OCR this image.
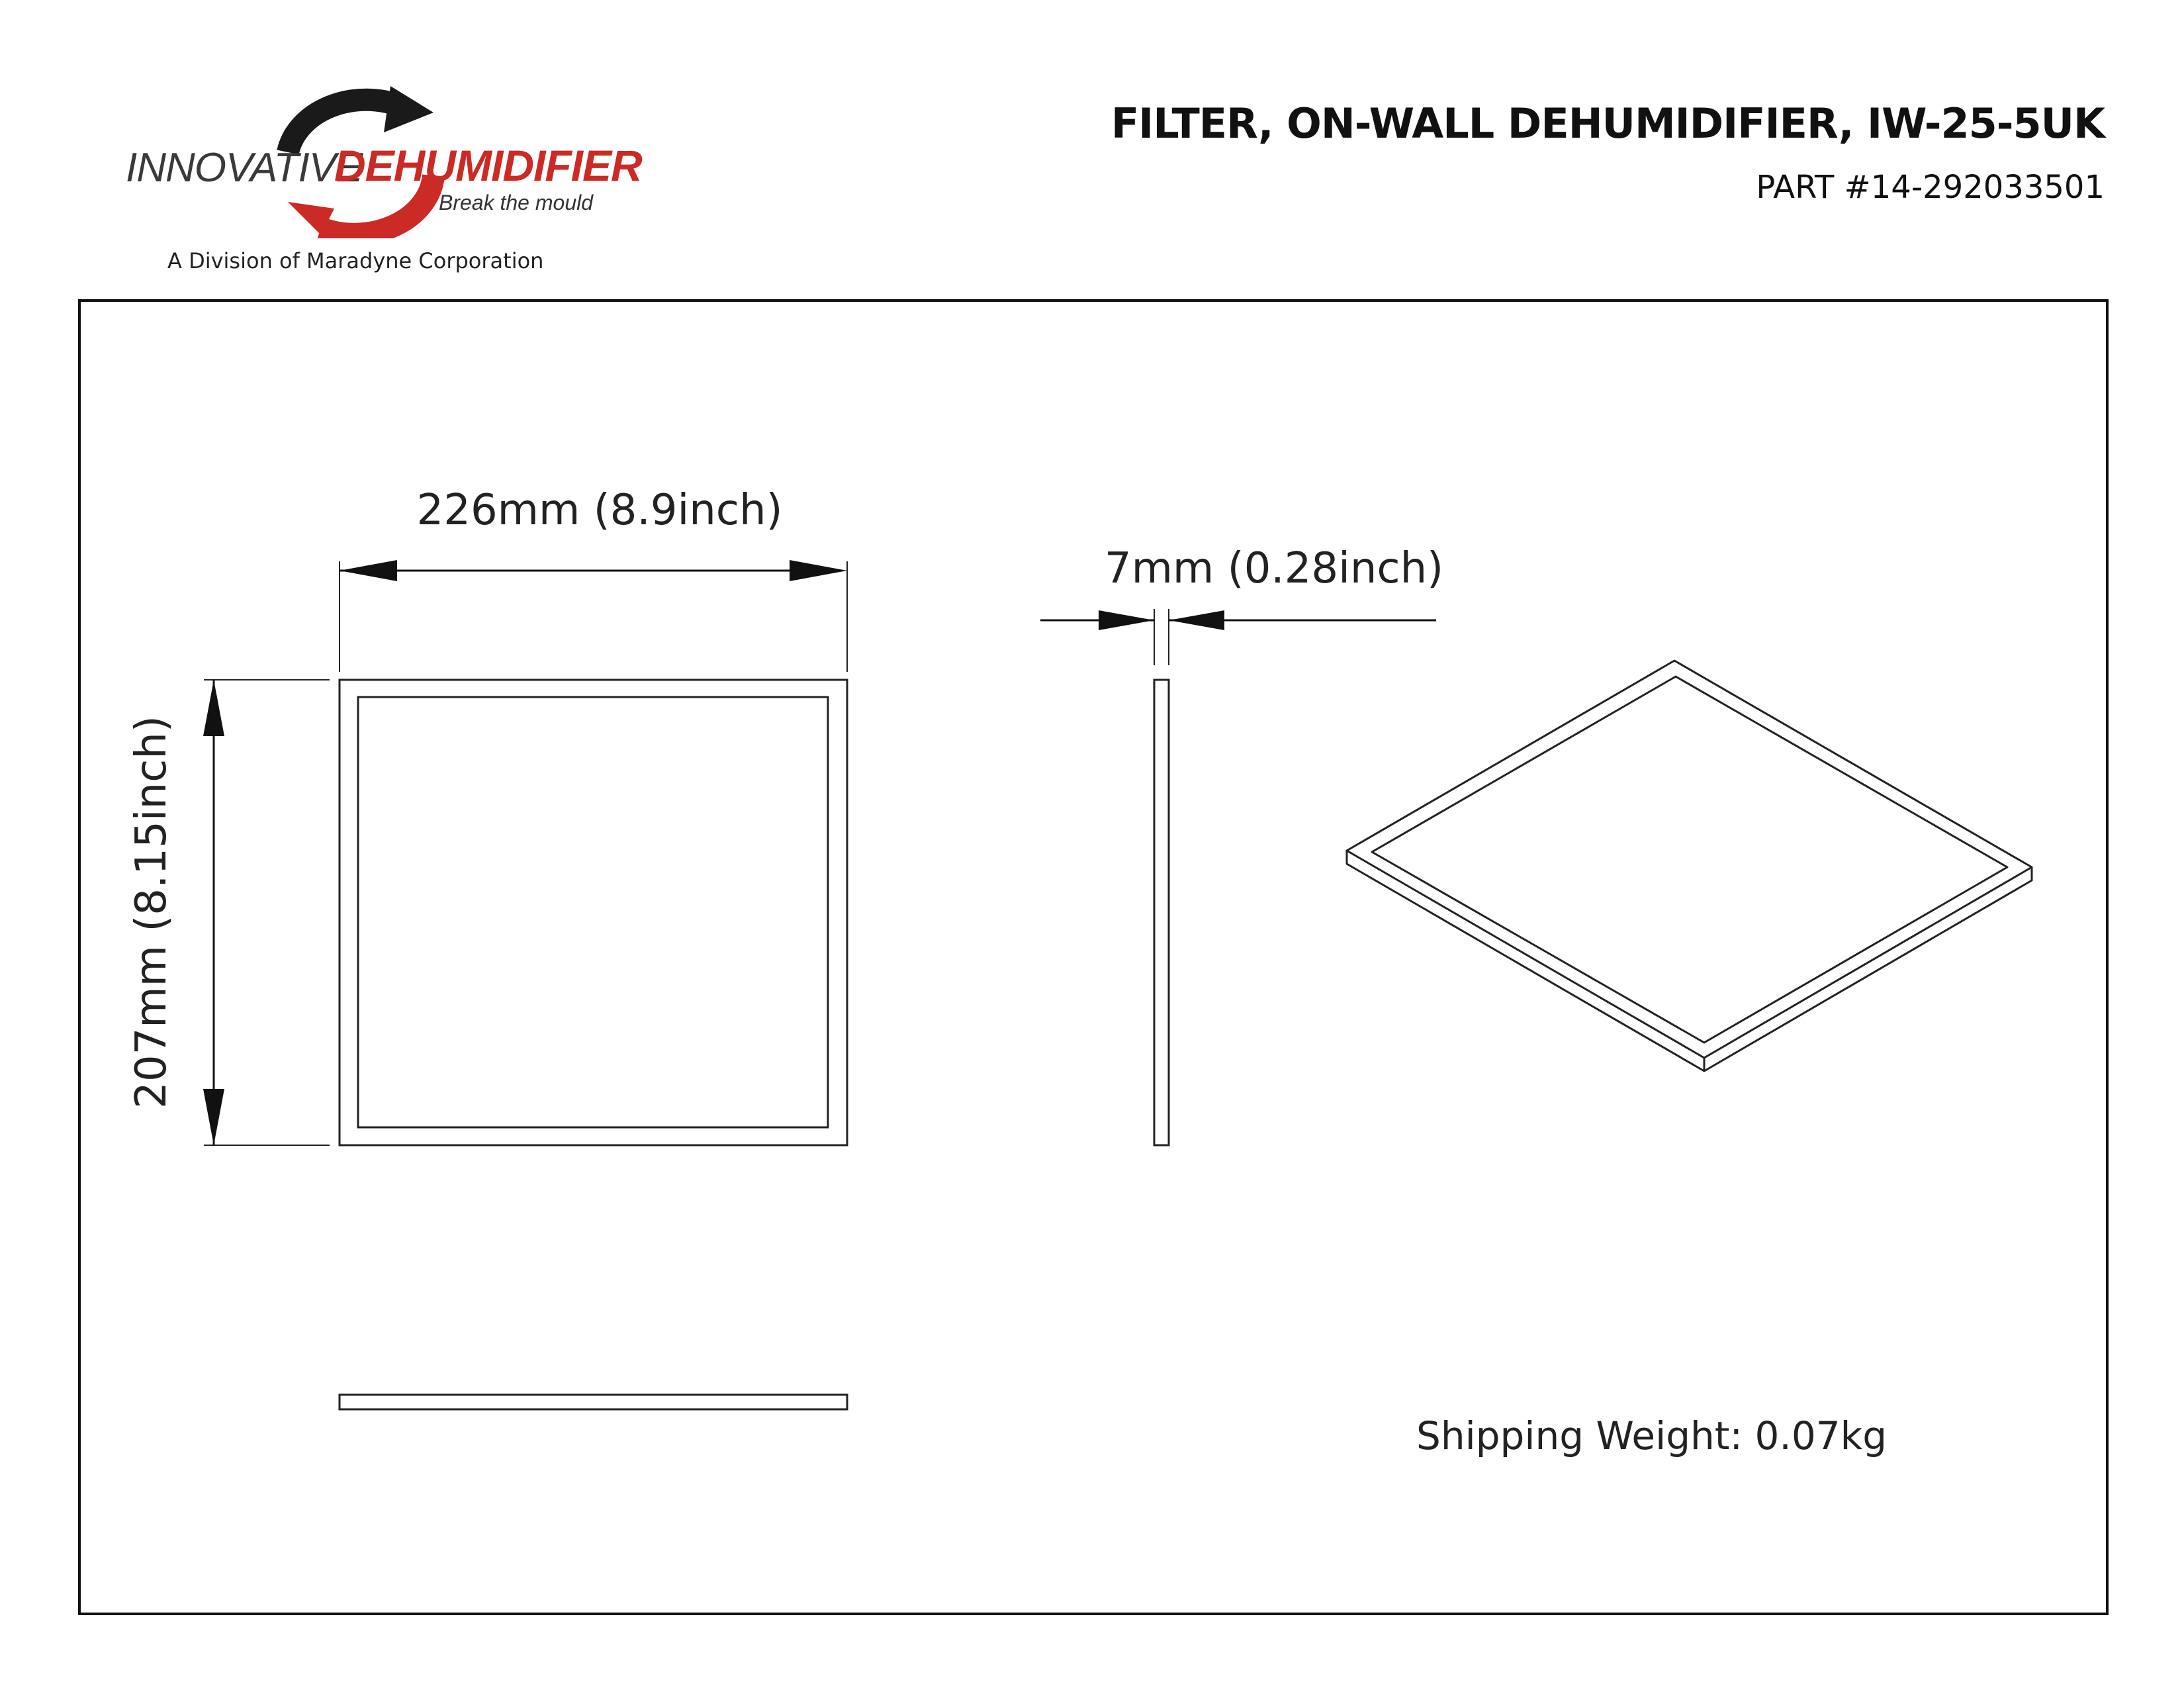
INNOVATIVE
DEHUMIDIFIER
Break the mould
A Division of Maradyne Corporation
FILTER, ON-WALL DEHUMIDIFIER, IW-25-5UK
PART #14-292033501
226mm (8.9inch)
207mm (8.15inch)
7mm (0.28inch)
Shipping Weight: 0.07kg
